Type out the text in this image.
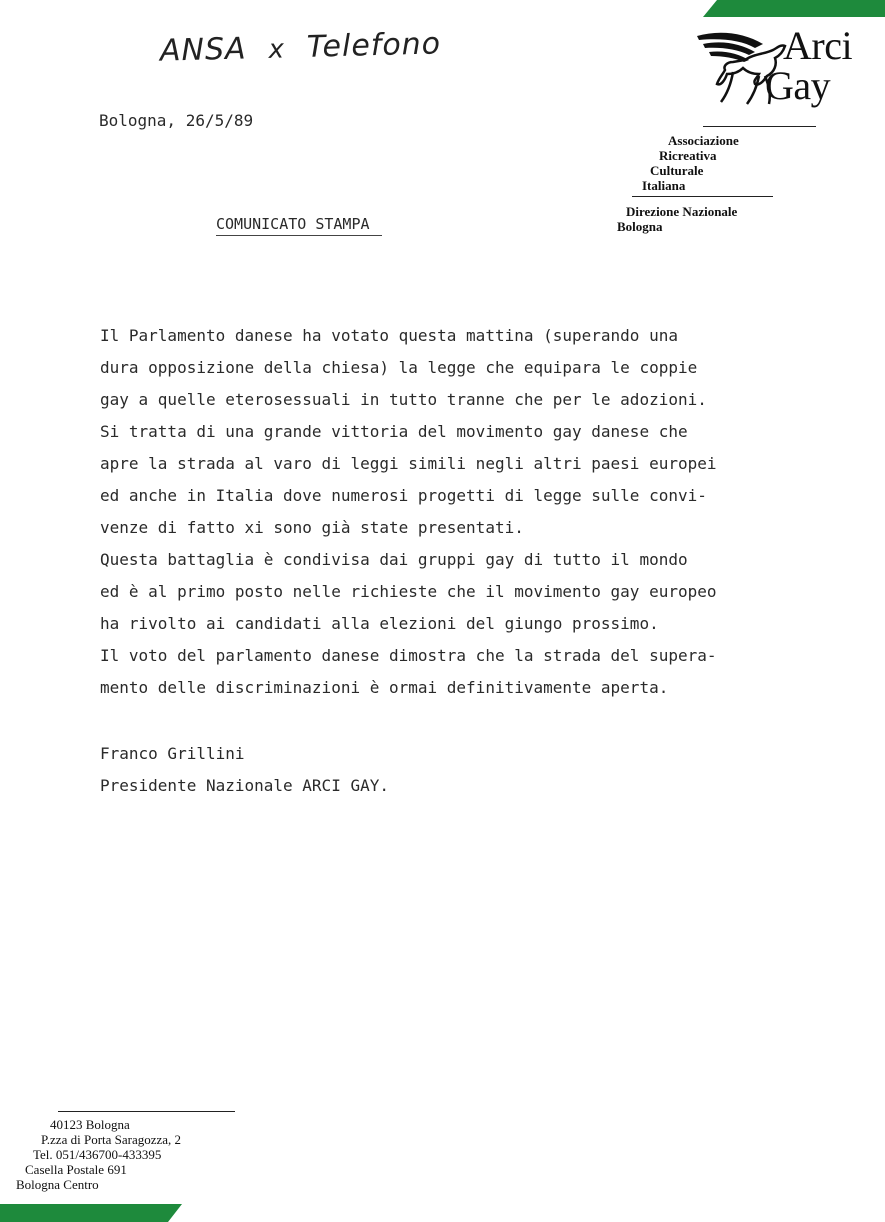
ANSA x Telefono	Arci
Gay
Associazione
Ricreativa
Culturale
Italiana
Direzione Nazionale
Bologna
Bologna, 26/5/89
COMUNICATO STAMPA

Il Parlamento danese ha votato questa mattina (superando una

dura opposizione della chiesa) la legge che equipara le coppie

gay a quelle eterosessuali in tutto tranne che per le adozioni.

Si tratta di una grande vittoria del movimento gay danese che

apre la strada al varo di leggi simili negli altri paesi europei

ed anche in Italia dove numerosi progetti di legge sulle convi-

venze di fatto xi sono già state presentati.

Questa battaglia è condivisa dai gruppi gay di tutto il mondo

ed è al primo posto nelle richieste che il movimento gay europeo

ha rivolto ai candidati alla elezioni del giungo prossimo.

Il voto del parlamento danese dimostra che la strada del supera-

mento delle discriminazioni è ormai definitivamente aperta.

Franco Grillini

Presidente Nazionale ARCI GAY.

40123 Bologna
P.zza di Porta Saragozza, 2
Tel. 051/436700-433395
Casella Postale 691
Bologna Centro
